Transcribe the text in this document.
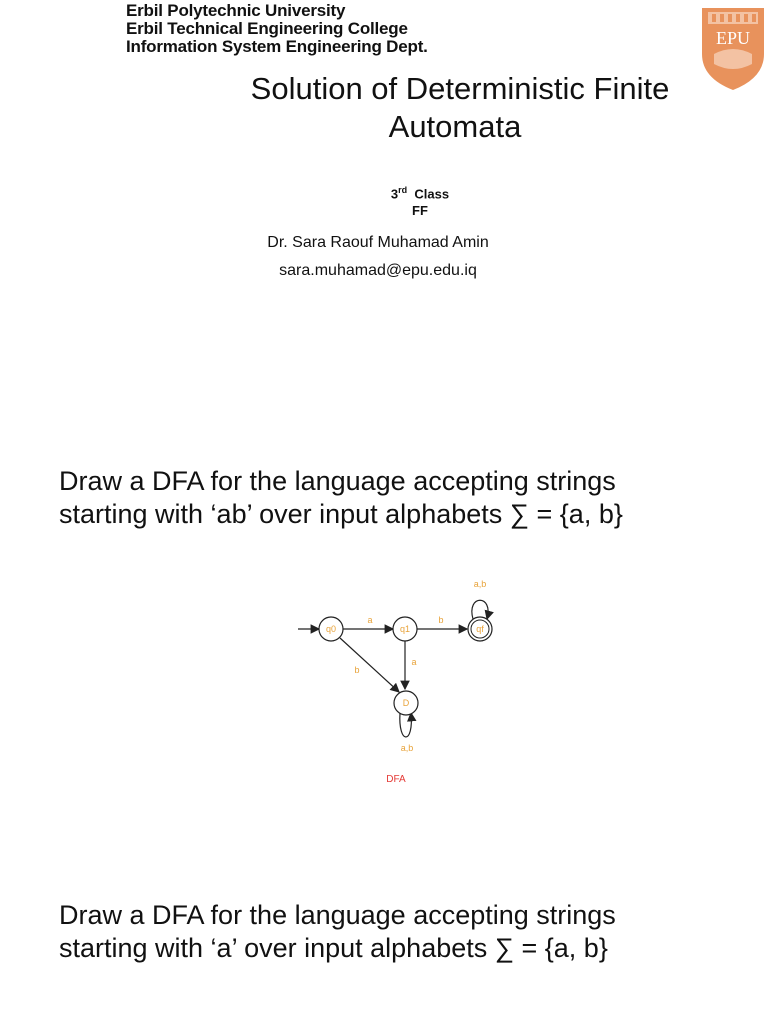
Erbil Polytechnic University
Erbil Technical Engineering College
Information System Engineering Dept.	EPU
Solution of Deterministic Finite
Automata
3rd Class
FF
Dr. Sara Raouf Muhamad Amin
sara.muhamad@epu.edu.iq
Draw a DFA for the language accepting strings
starting with ‘ab’ over input alphabets ∑ = {a, b}
q0	q1	qf
D
a	b
b
a
a,b
a,b
DFA
Draw a DFA for the language accepting strings
starting with ‘a’ over input alphabets ∑ = {a, b}
